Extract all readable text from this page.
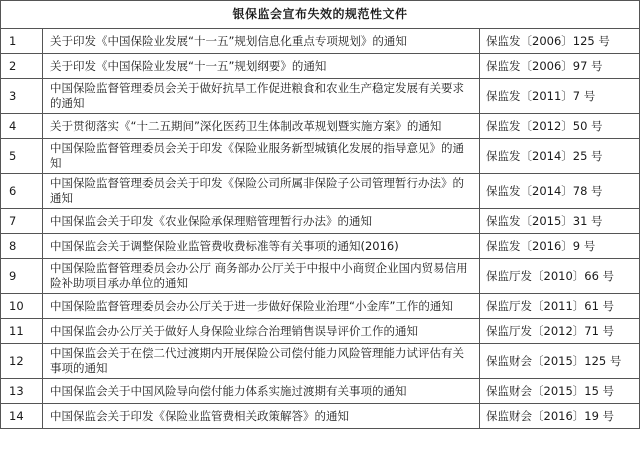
银保监会宣布失效的规范性文件		
1	关于印发《中国保险业发展“十一五”规划信息化重点专项规划》的通知	保监发〔2006〕125 号
2	关于印发《中国保险业发展“十一五”规划纲要》的通知	保监发〔2006〕97 号
3	中国保险监督管理委员会关于做好抗旱工作促进粮食和农业生产稳定发展有关要求的通知	保监发〔2011〕7 号
4	关于贯彻落实《“十二五期间”深化医药卫生体制改革规划暨实施方案》的通知	保监发〔2012〕50 号
5	中国保险监督管理委员会关于印发《保险业服务新型城镇化发展的指导意见》的通知	保监发〔2014〕25 号
6	中国保险监督管理委员会关于印发《保险公司所属非保险子公司管理暂行办法》的通知	保监发〔2014〕78 号
7	中国保监会关于印发《农业保险承保理赔管理暂行办法》的通知	保监发〔2015〕31 号
8	中国保监会关于调整保险业监管费收费标准等有关事项的通知(2016)	保监发〔2016〕9 号
9	中国保险监督管理委员会办公厅 商务部办公厅关于中报中小商贸企业国内贸易信用险补助项目承办单位的通知	保监厅发〔2010〕66 号
10	中国保险监督管理委员会办公厅关于进一步做好保险业治理“小金库”工作的通知	保监厅发〔2011〕61 号
11	中国保监会办公厅关于做好人身保险业综合治理销售误导评价工作的通知	保监厅发〔2012〕71 号
12	中国保监会关于在偿二代过渡期内开展保险公司偿付能力风险管理能力试评估有关事项的通知	保监财会〔2015〕125 号
13	中国保监会关于中国风险导向偿付能力体系实施过渡期有关事项的通知	保监财会〔2015〕15 号
14	中国保监会关于印发《保险业监管费相关政策解答》的通知	保监财会〔2016〕19 号
